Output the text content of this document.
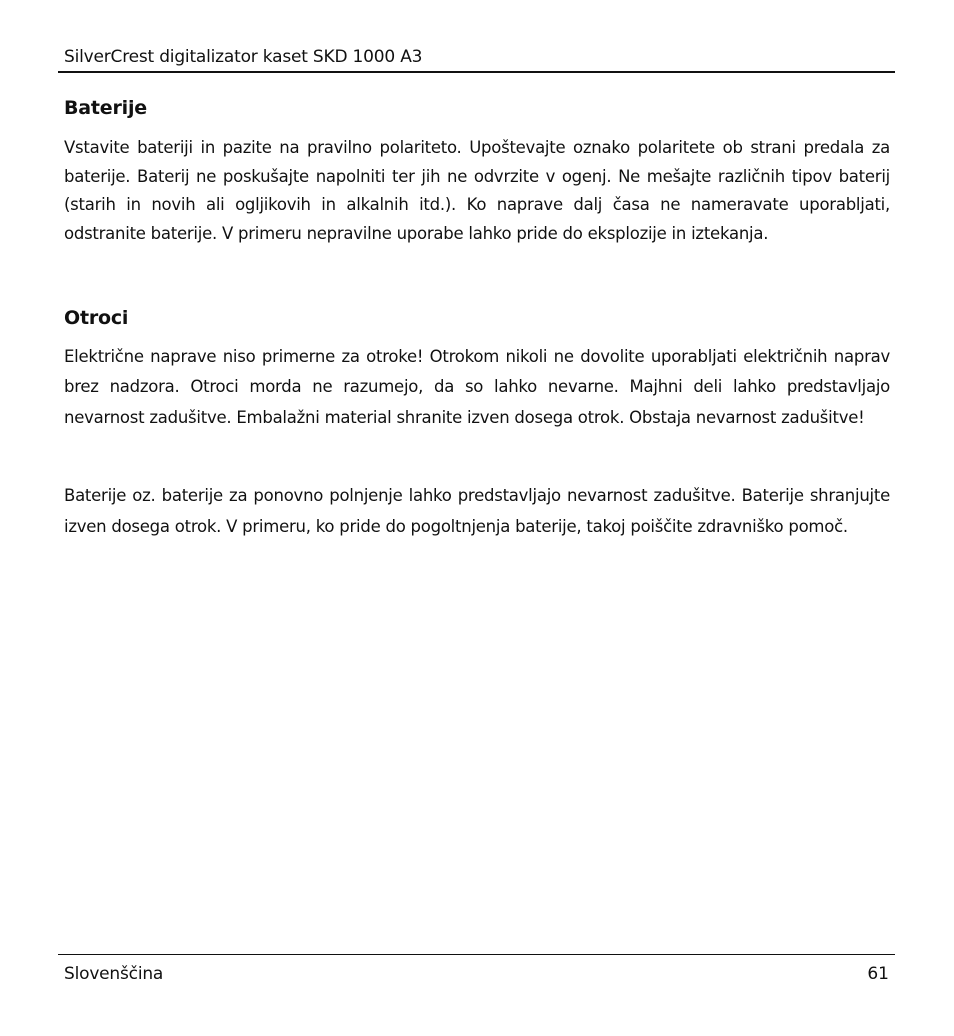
SilverCrest digitalizator kaset SKD 1000 A3
Baterije

Vstavite bateriji in pazite na pravilno polariteto. Upoštevajte oznako polaritete ob strani predala za baterije. Baterij ne poskušajte napolniti ter jih ne odvrzite v ogenj. Ne mešajte različnih tipov baterij (starih in novih ali ogljikovih in alkalnih itd.). Ko naprave dalj časa ne nameravate uporabljati, odstranite baterije. V primeru nepravilne uporabe lahko pride do eksplozije in iztekanja.

Otroci

Električne naprave niso primerne za otroke! Otrokom nikoli ne dovolite uporabljati električnih naprav brez nadzora. Otroci morda ne razumejo, da so lahko nevarne. Majhni deli lahko predstavljajo nevarnost zadušitve. Embalažni material shranite izven dosega otrok. Obstaja nevarnost zadušitve!

Baterije oz. baterije za ponovno polnjenje lahko predstavljajo nevarnost zadušitve. Baterije shranjujte izven dosega otrok. V primeru, ko pride do pogoltnjenja baterije, takoj poiščite zdravniško pomoč.

Slovenščina	61
